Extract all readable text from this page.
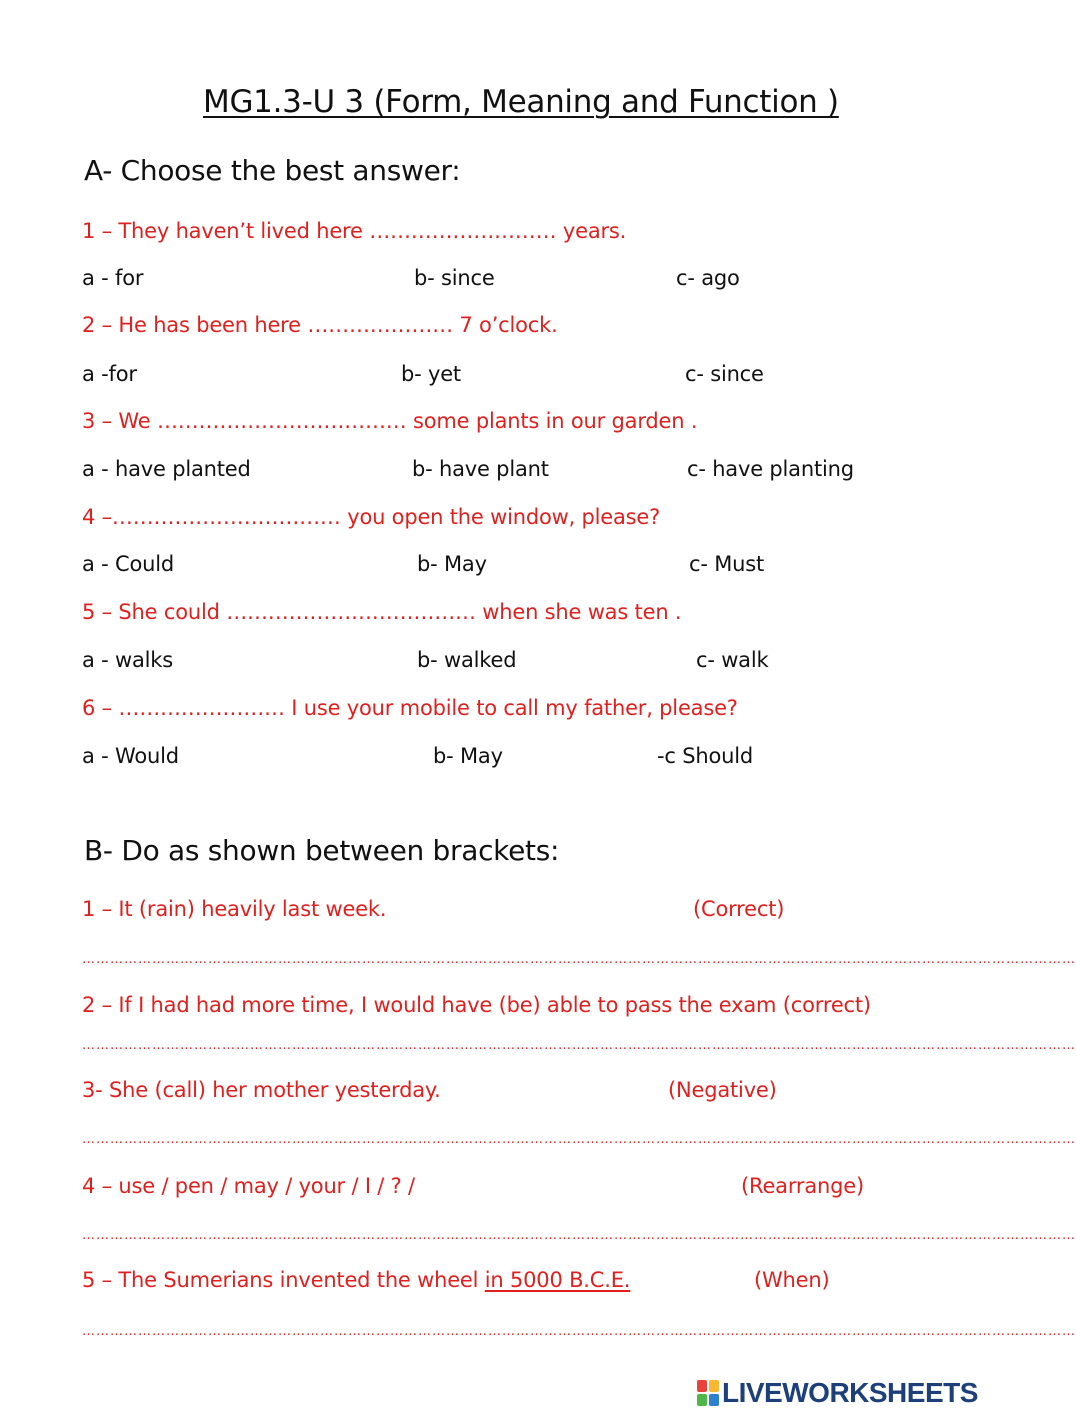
MG1.3-U 3 (Form, Meaning and Function )
A- Choose the best answer:
1 – They haven’t lived here ……………………… years.
a - for	b- since	c- ago
2 – He has been here ………………… 7 o’clock.
a -for	b- yet	c- since
3 – We ……………………………… some plants in our garden .
a - have planted	b- have plant	c- have planting
4 –…………………………… you open the window, please?
a - Could	b- May	c- Must
5 – She could ……………………………… when she was ten .
a - walks	b- walked	c- walk
6 – …………………… I use your mobile to call my father, please?
a - Would	b- May	-c Should
B- Do as shown between brackets:
1 – It (rain) heavily last week.	(Correct)
……………………………………………………………………………………………………………………………………………………………………………………………
2 – If I had had more time, I would have (be) able to pass the exam (correct)
……………………………………………………………………………………………………………………………………………………………………………………………
3- She (call) her mother yesterday.	(Negative)
……………………………………………………………………………………………………………………………………………………………………………………………
4 – use / pen / may / your / I / ? /	(Rearrange)
……………………………………………………………………………………………………………………………………………………………………………………………
5 – The Sumerians invented the wheel in 5000 B.C.E.	(When)
……………………………………………………………………………………………………………………………………………………………………………………………
LIVEWORKSHEETS
